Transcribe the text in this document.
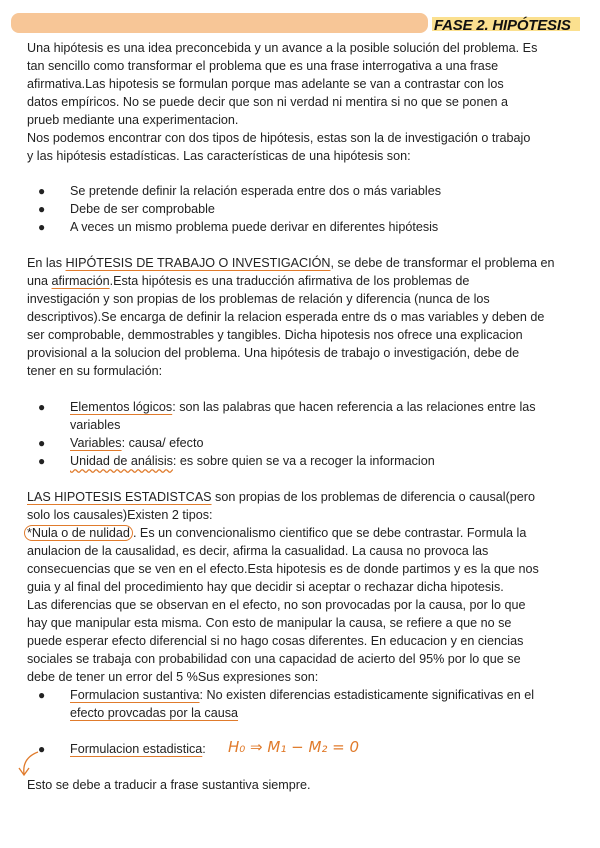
FASE 2. HIPÓTESIS
Una hipótesis es una idea preconcebida y un avance a la posible solución del problema. Es
tan sencillo como transformar el problema que es una frase interrogativa a una frase
afirmativa.Las hipotesis se formulan porque mas adelante se van a contrastar con los
datos empíricos. No se puede decir que son ni verdad ni mentira si no que se ponen a
prueb mediante una experimentacion.
Nos podemos encontrar con dos tipos de hipótesis, estas son la de investigación o trabajo
y las hipótesis estadísticas. Las características de una hipótesis son:
● Se pretende definir la relación esperada entre dos o más variables
● Debe de ser comprobable
● A veces un mismo problema puede derivar en diferentes hipótesis
En las HIPÓTESIS DE TRABAJO O INVESTIGACIÓN, se debe de transformar el problema en
una afirmación.Esta hipótesis es una traducción afirmativa de los problemas de
investigación y son propias de los problemas de relación y diferencia (nunca de los
descriptivos).Se encarga de definir la relacion esperada entre ds o mas variables y deben de
ser comprobable, demmostrables y tangibles. Dicha hipotesis nos ofrece una explicacion
provisional a la solucion del problema. Una hipótesis de trabajo o investigación, debe de
tener en su formulación:
● Elementos lógicos: son las palabras que hacen referencia a las relaciones entre las
variables
● Variables: causa/ efecto
● Unidad de análisis: es sobre quien se va a recoger la informacion
LAS HIPOTESIS ESTADISTCAS son propias de los problemas de diferencia o causal(pero
solo los causales)Existen 2 tipos:
*Nula o de nulidad . Es un convencionalismo cientifico que se debe contrastar. Formula la
anulacion de la causalidad, es decir, afirma la casualidad. La causa no provoca las
consecuencias que se ven en el efecto.Esta hipotesis es de donde partimos y es la que nos
guia y al final del procedimiento hay que decidir si aceptar o rechazar dicha hipotesis.
Las diferencias que se observan en el efecto, no son provocadas por la causa, por lo que
hay que manipular esta misma. Con esto de manipular la causa, se refiere a que no se
puede esperar efecto diferencial si no hago cosas diferentes. En educacion y en ciencias
sociales se trabaja con probabilidad con una capacidad de acierto del 95% por lo que se
debe de tener un error del 5 %Sus expresiones son:
● Formulacion sustantiva: No existen diferencias estadisticamente significativas en el
efecto provcadas por la causa
● Formulacion estadistica: H₀ ⇒ M₁ − M₂ = 0
Esto se debe a traducir a frase sustantiva siempre.
